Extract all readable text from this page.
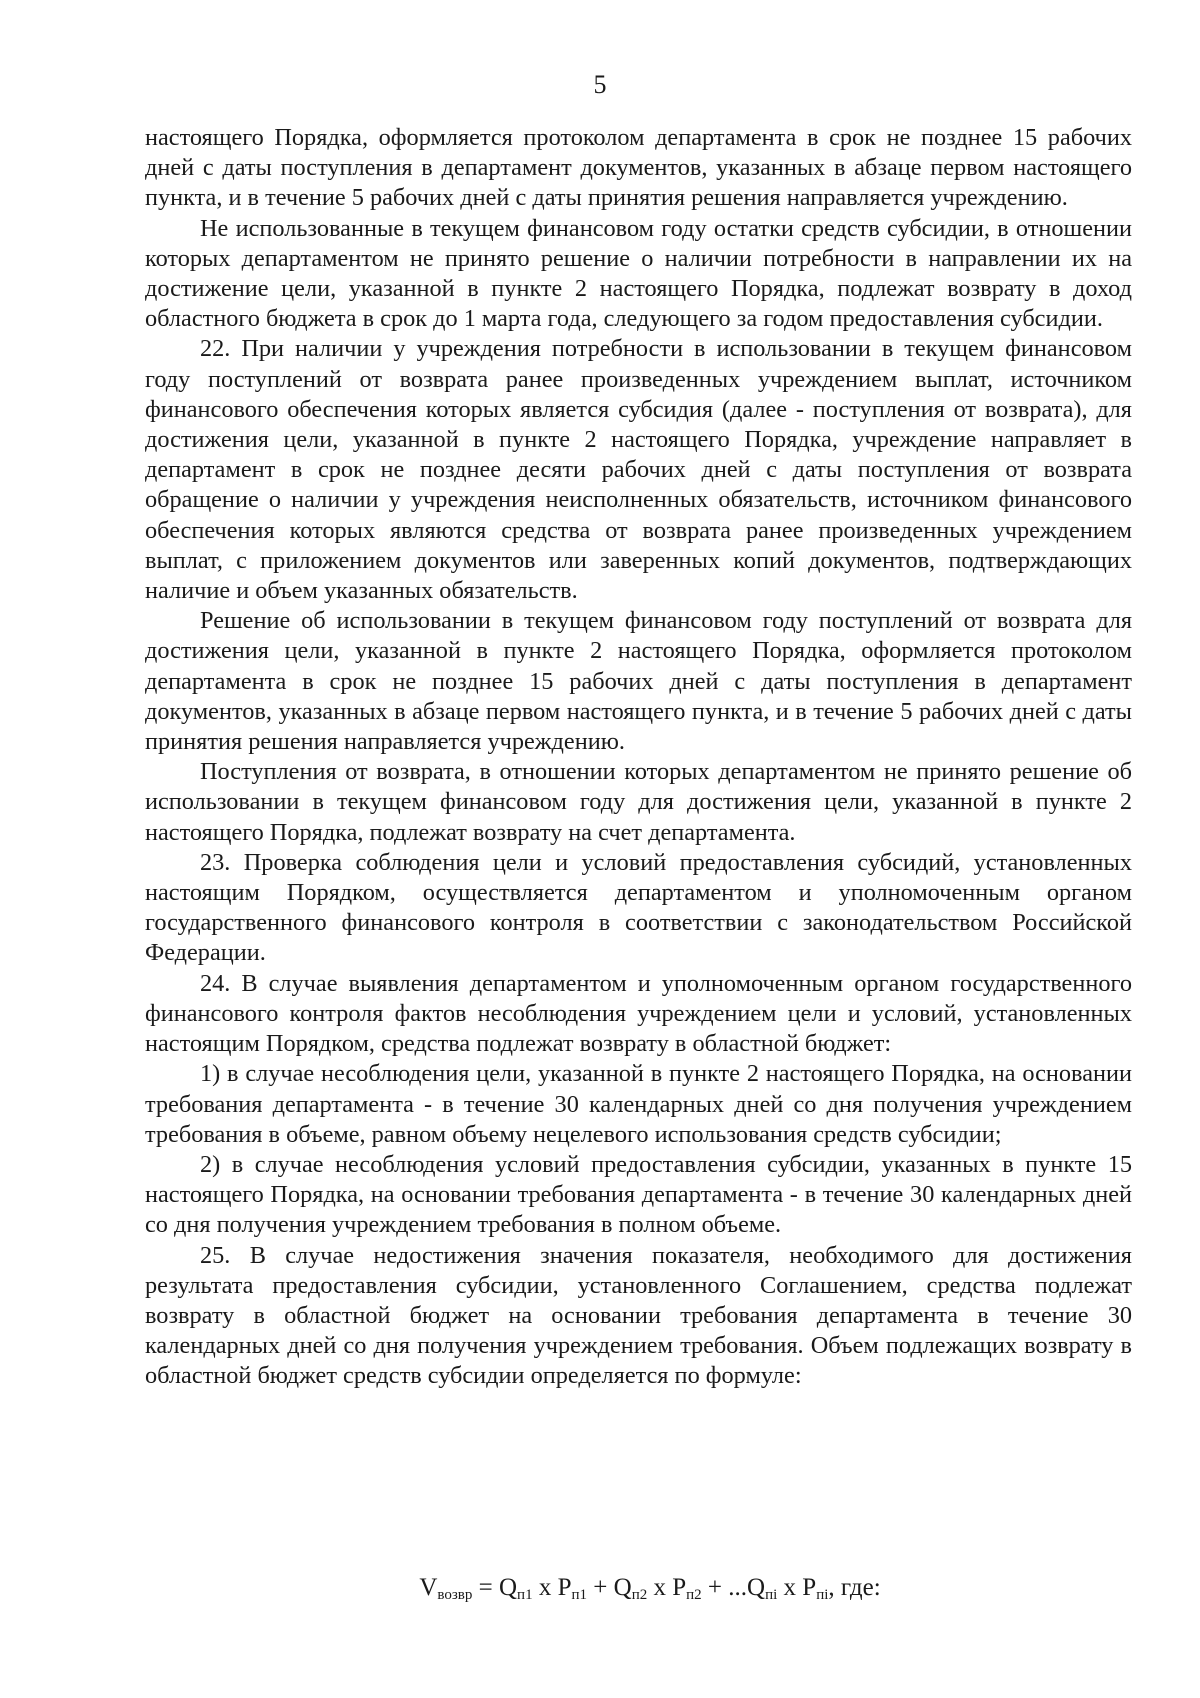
5

настоящего Порядка, оформляется протоколом департамента в срок не позднее 15 рабочих дней с даты поступления в департамент документов, указанных в абзаце первом настоящего пункта, и в течение 5 рабочих дней с даты принятия решения направляется учреждению.

Не использованные в текущем финансовом году остатки средств субсидии, в отношении которых департаментом не принято решение о наличии потребности в направлении их на достижение цели, указанной в пункте 2 настоящего Порядка, подлежат возврату в доход областного бюджета в срок до 1 марта года, следующего за годом предоставления субсидии.

22. При наличии у учреждения потребности в использовании в текущем финансовом году поступлений от возврата ранее произведенных учреждением выплат, источником финансового обеспечения которых является субсидия (далее - поступления от возврата), для достижения цели, указанной в пункте 2 настоящего Порядка, учреждение направляет в департамент в срок не позднее десяти рабочих дней с даты поступления от возврата обращение о наличии у учреждения неисполненных обязательств, источником финансового обеспечения которых являются средства от возврата ранее произведенных учреждением выплат, с приложением документов или заверенных копий документов, подтверждающих наличие и объем указанных обязательств.

Решение об использовании в текущем финансовом году поступлений от возврата для достижения цели, указанной в пункте 2 настоящего Порядка, оформляется протоколом департамента в срок не позднее 15 рабочих дней с даты поступления в департамент документов, указанных в абзаце первом настоящего пункта, и в течение 5 рабочих дней с даты принятия решения направляется учреждению.

Поступления от возврата, в отношении которых департаментом не принято решение об использовании в текущем финансовом году для достижения цели, указанной в пункте 2 настоящего Порядка, подлежат возврату на счет департамента.

23. Проверка соблюдения цели и условий предоставления субсидий, установленных настоящим Порядком, осуществляется департаментом и уполномоченным органом государственного финансового контроля в соответствии с законодательством Российской Федерации.

24. В случае выявления департаментом и уполномоченным органом государственного финансового контроля фактов несоблюдения учреждением цели и условий, установленных настоящим Порядком, средства подлежат возврату в областной бюджет:

1) в случае несоблюдения цели, указанной в пункте 2 настоящего Порядка, на основании требования департамента - в течение 30 календарных дней со дня получения учреждением требования в объеме, равном объему нецелевого использования средств субсидии;

2) в случае несоблюдения условий предоставления субсидии, указанных в пункте 15 настоящего Порядка, на основании требования департамента - в течение 30 календарных дней со дня получения учреждением требования в полном объеме.

25. В случае недостижения значения показателя, необходимого для достижения результата предоставления субсидии, установленного Соглашением, средства подлежат возврату в областной бюджет на основании требования департамента в течение 30 календарных дней со дня получения учреждением требования. Объем подлежащих возврату в областной бюджет средств субсидии определяется по формуле:

$V_{возвр} = Q_{п1}$ x $P_{п1} + Q_{п2}$ x $P_{п2} + ...Q_{пi}$ x $P_{пi}$, где:
